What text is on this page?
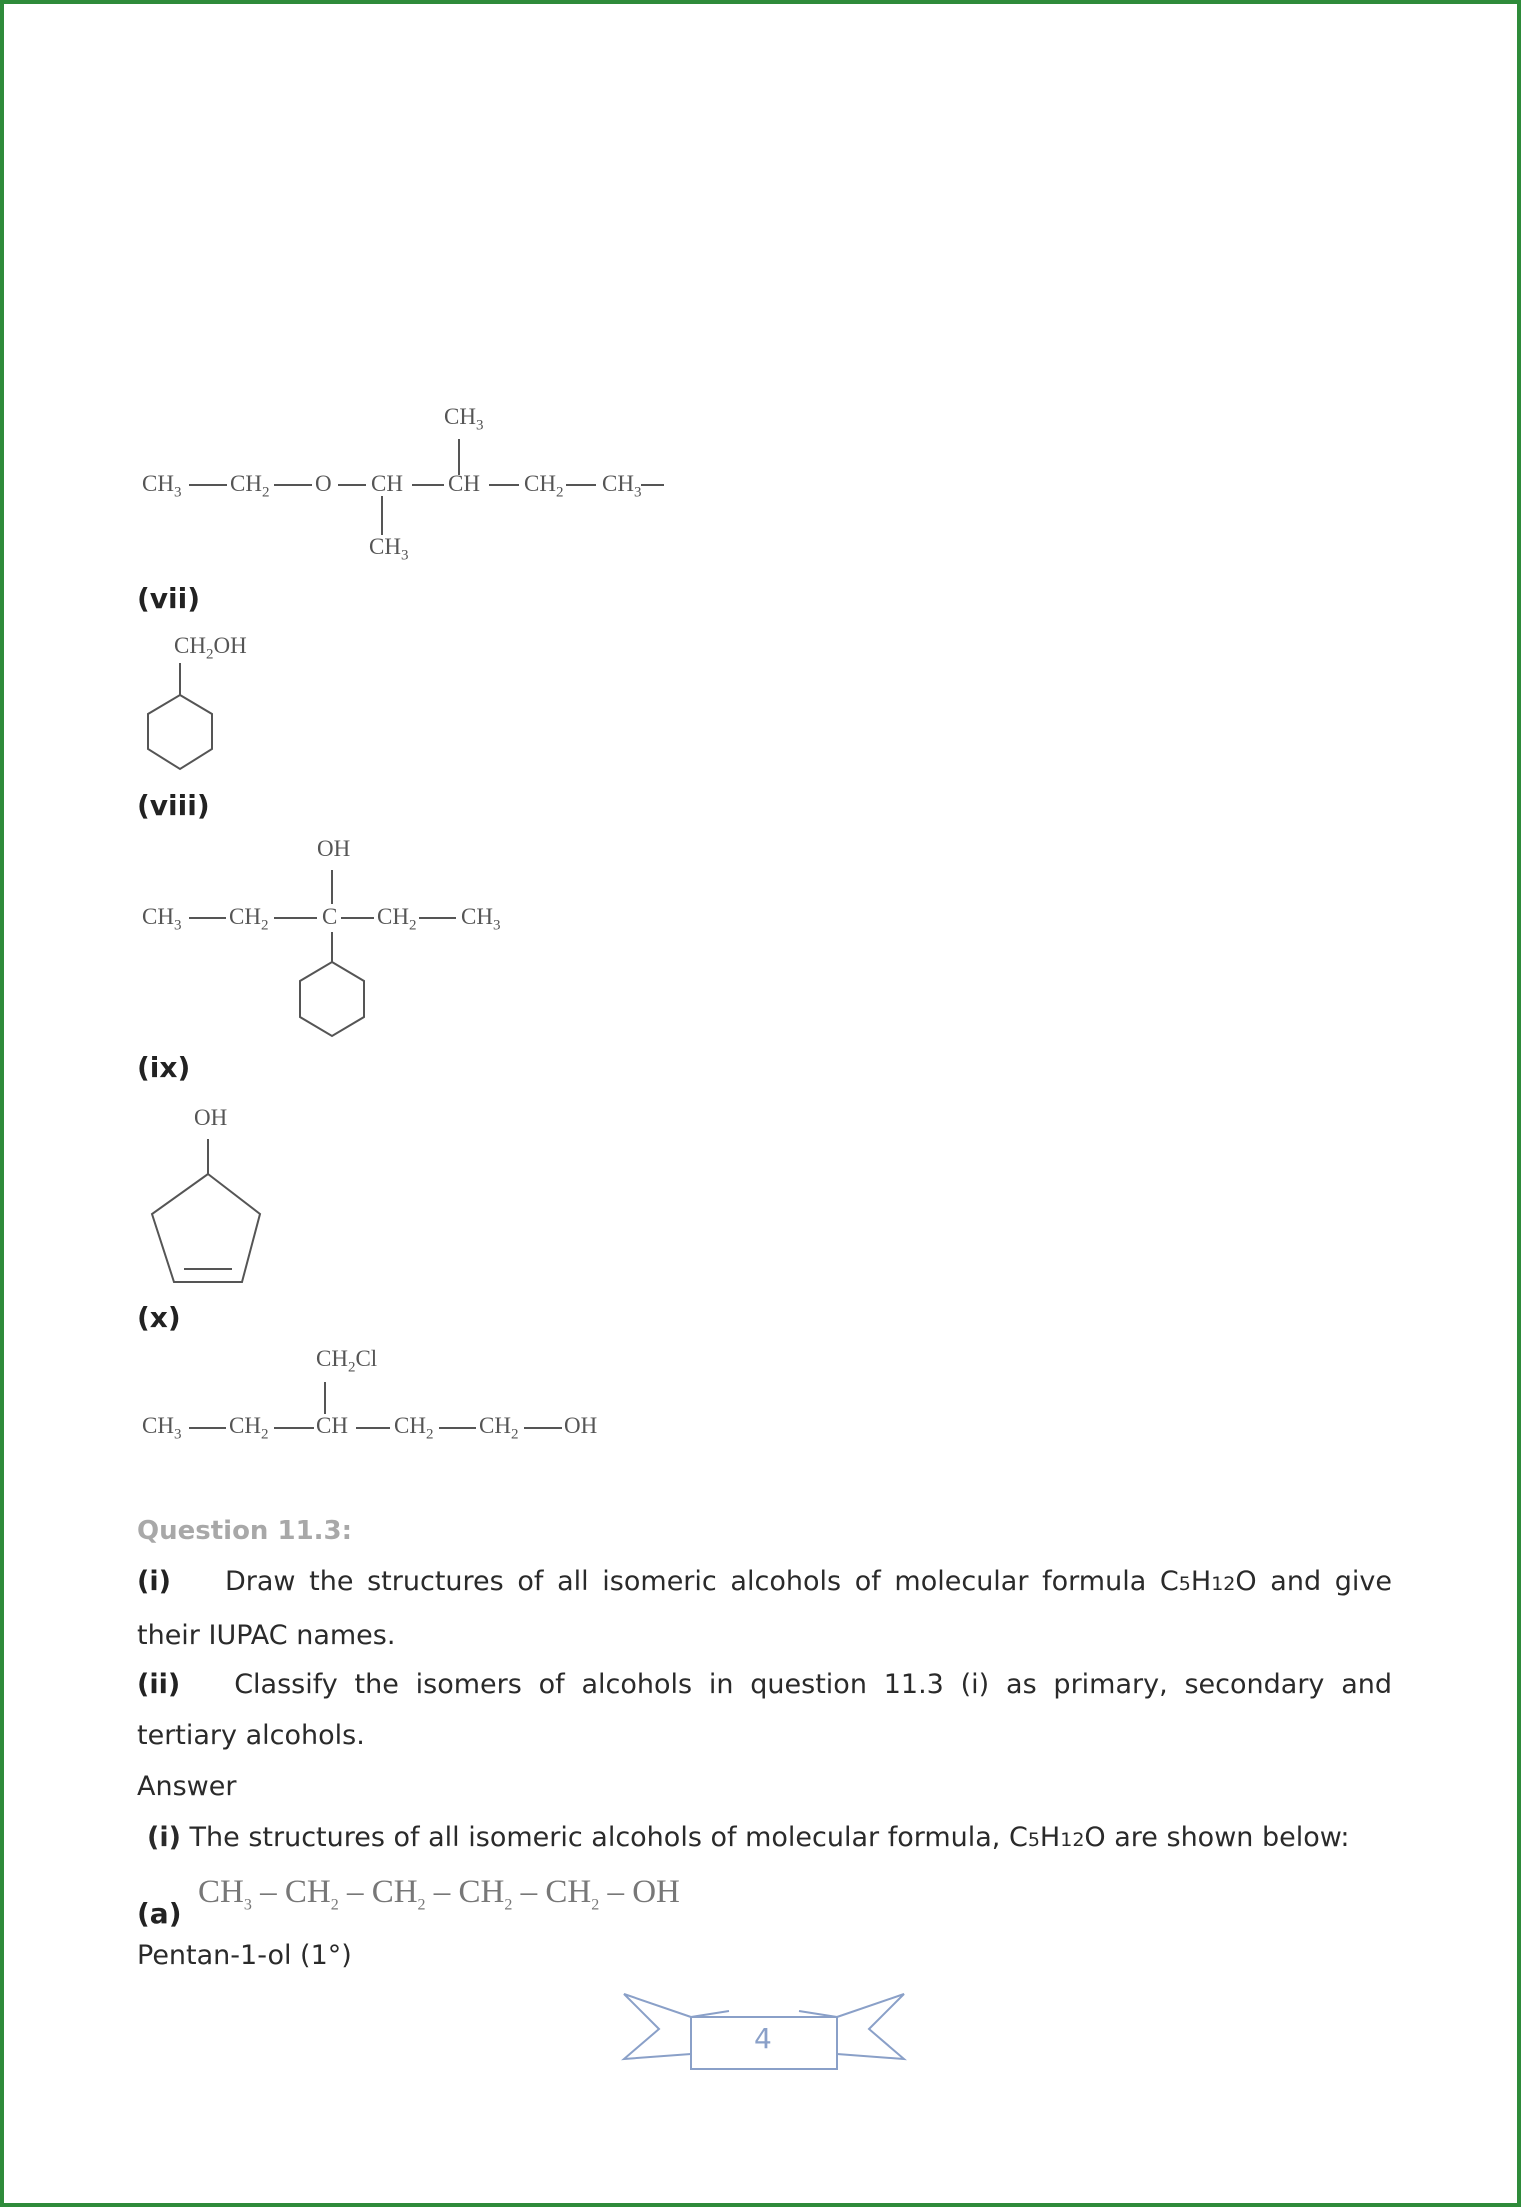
$CH_3$ $CH_2$ O CH CH $CH_2$ $CH_3$
$CH_3$
$CH_3$
(vii)
$CH_2OH$
(viii)
OH
$CH_3$ $CH_2$ C $CH_2$ $CH_3$
(ix)
OH
(x)
$CH_2Cl$
$CH_3$ $CH_2$ CH $CH_2$ $CH_2$ OH
Question 11.3:
(i) Draw the structures of all isomeric alcohols of molecular formula C5H12O and give their IUPAC names.
(ii) Classify the isomers of alcohols in question 11.3 (i) as primary, secondary and tertiary alcohols.
Answer
(i) The structures of all isomeric alcohols of molecular formula, C5H12O are shown below:
(a)
$CH_3 - CH_2 - CH_2 - CH_2 - CH_2$ – OH
Pentan-1-ol (1°)
4
